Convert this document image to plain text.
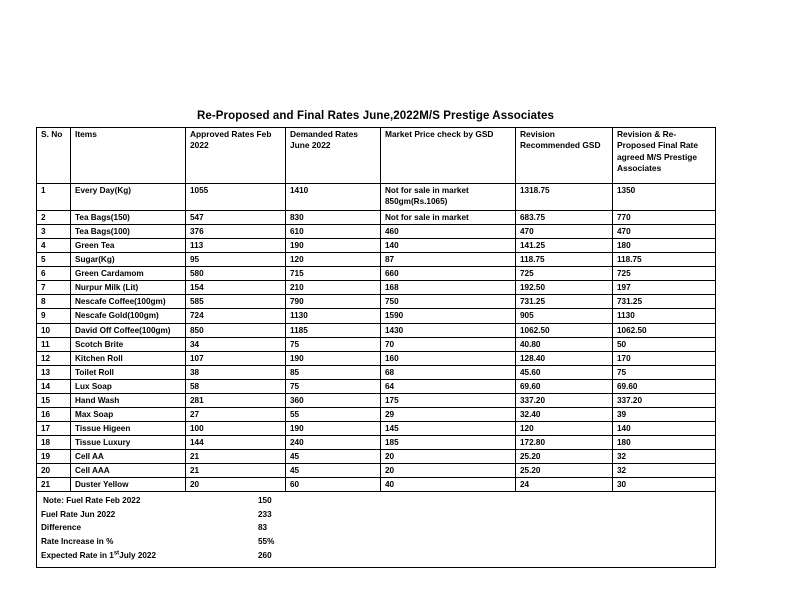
Re-Proposed and Final Rates June,2022M/S Prestige Associates
S. No	Items	Approved Rates Feb 2022	Demanded Rates June 2022	Market Price check by GSD	Revision Recommended GSD	Revision & Re-Proposed Final Rate agreed M/S Prestige Associates
1	Every Day(Kg)	1055	1410	Not for sale in market 850gm(Rs.1065)	1318.75	1350
2	Tea Bags(150)	547	830	Not for sale in market	683.75	770
3	Tea Bags(100)	376	610	460	470	470
4	Green Tea	113	190	140	141.25	180
5	Sugar(Kg)	95	120	87	118.75	118.75
6	Green Cardamom	580	715	660	725	725
7	Nurpur Milk (Lit)	154	210	168	192.50	197
8	Nescafe Coffee(100gm)	585	790	750	731.25	731.25
9	Nescafe Gold(100gm)	724	1130	1590	905	1130
10	David Off Coffee(100gm)	850	1185	1430	1062.50	1062.50
11	Scotch Brite	34	75	70	40.80	50
12	Kitchen Roll	107	190	160	128.40	170
13	Toilet Roll	38	85	68	45.60	75
14	Lux Soap	58	75	64	69.60	69.60
15	Hand Wash	281	360	175	337.20	337.20
16	Max Soap	27	55	29	32.40	39
17	Tissue Higeen	100	190	145	120	140
18	Tissue Luxury	144	240	185	172.80	180
19	Cell AA	21	45	20	25.20	32
20	Cell AAA	21	45	20	25.20	32
21	Duster Yellow	20	60	40	24	30

Note: Fuel Rate Feb 2022	150
Fuel Rate Jun 2022	233
Difference	83
Rate Increase in %	55%
Expected Rate in 1stJuly 2022	260
